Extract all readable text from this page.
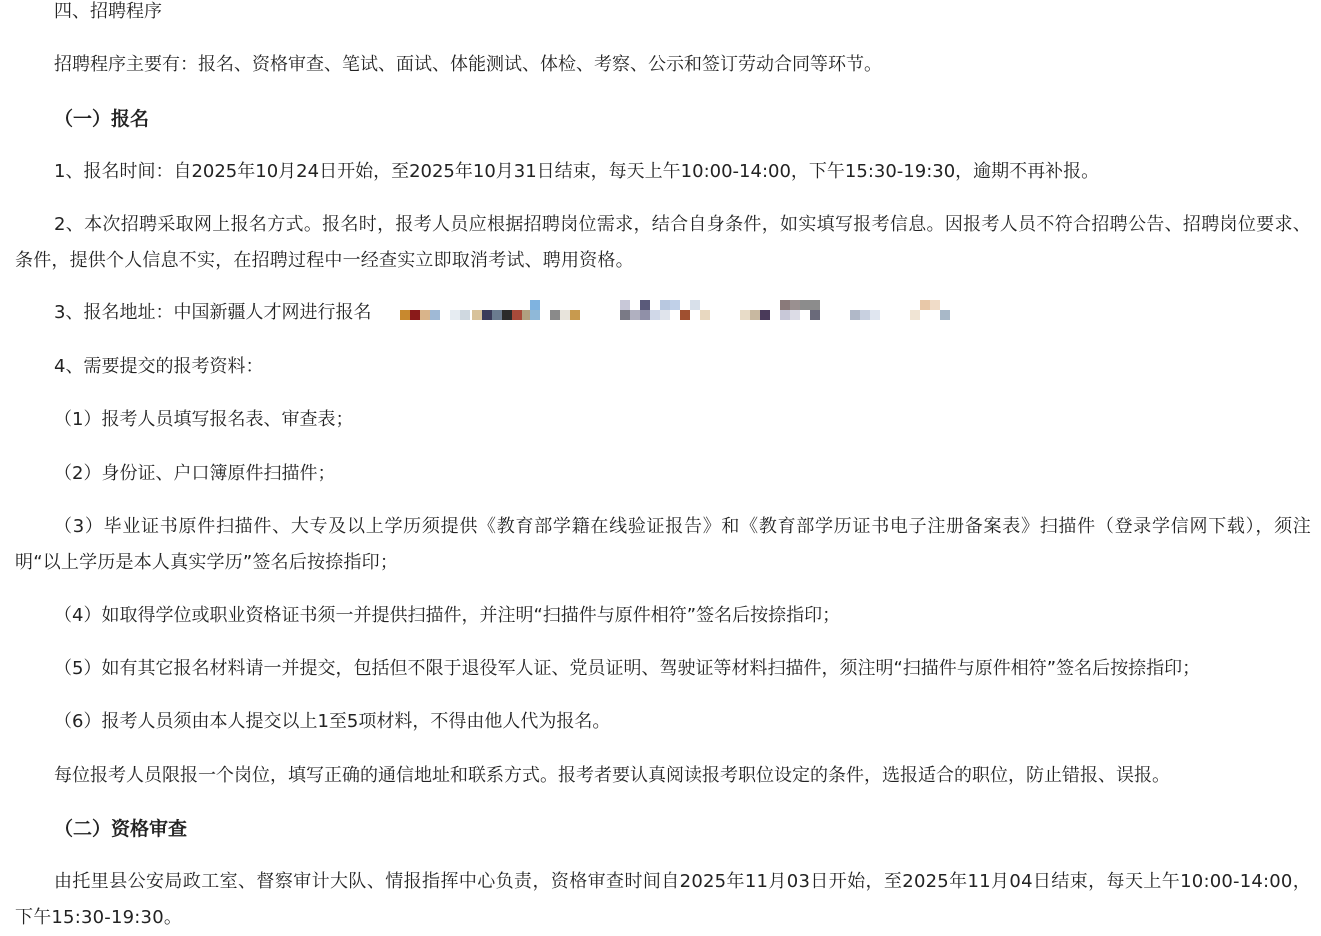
四、招聘程序
招聘程序主要有：报名、资格审查、笔试、面试、体能测试、体检、考察、公示和签订劳动合同等环节。
（一）报名
1、报名时间：自2025年10月24日开始，至2025年10月31日结束，每天上午10:00-14:00，下午15:30-19:30，逾期不再补报。
2、本次招聘采取网上报名方式。报名时，报考人员应根据招聘岗位需求，结合自身条件，如实填写报考信息。因报考人员不符合招聘公告、招聘岗位要求、条件，提供个人信息不实，在招聘过程中一经查实立即取消考试、聘用资格。
3、报名地址：中国新疆人才网进行报名
4、需要提交的报考资料：
（1）报考人员填写报名表、审查表；
（2）身份证、户口簿原件扫描件；
（3）毕业证书原件扫描件、大专及以上学历须提供《教育部学籍在线验证报告》和《教育部学历证书电子注册备案表》扫描件（登录学信网下载），须注明“以上学历是本人真实学历”签名后按捺指印；
（4）如取得学位或职业资格证书须一并提供扫描件，并注明“扫描件与原件相符”签名后按捺指印；
（5）如有其它报名材料请一并提交，包括但不限于退役军人证、党员证明、驾驶证等材料扫描件，须注明“扫描件与原件相符”签名后按捺指印；
（6）报考人员须由本人提交以上1至5项材料，不得由他人代为报名。
每位报考人员限报一个岗位，填写正确的通信地址和联系方式。报考者要认真阅读报考职位设定的条件，选报适合的职位，防止错报、误报。
（二）资格审查
由托里县公安局政工室、督察审计大队、情报指挥中心负责，资格审查时间自2025年11月03日开始，至2025年11月04日结束，每天上午10:00-14:00，下午15:30-19:30。
